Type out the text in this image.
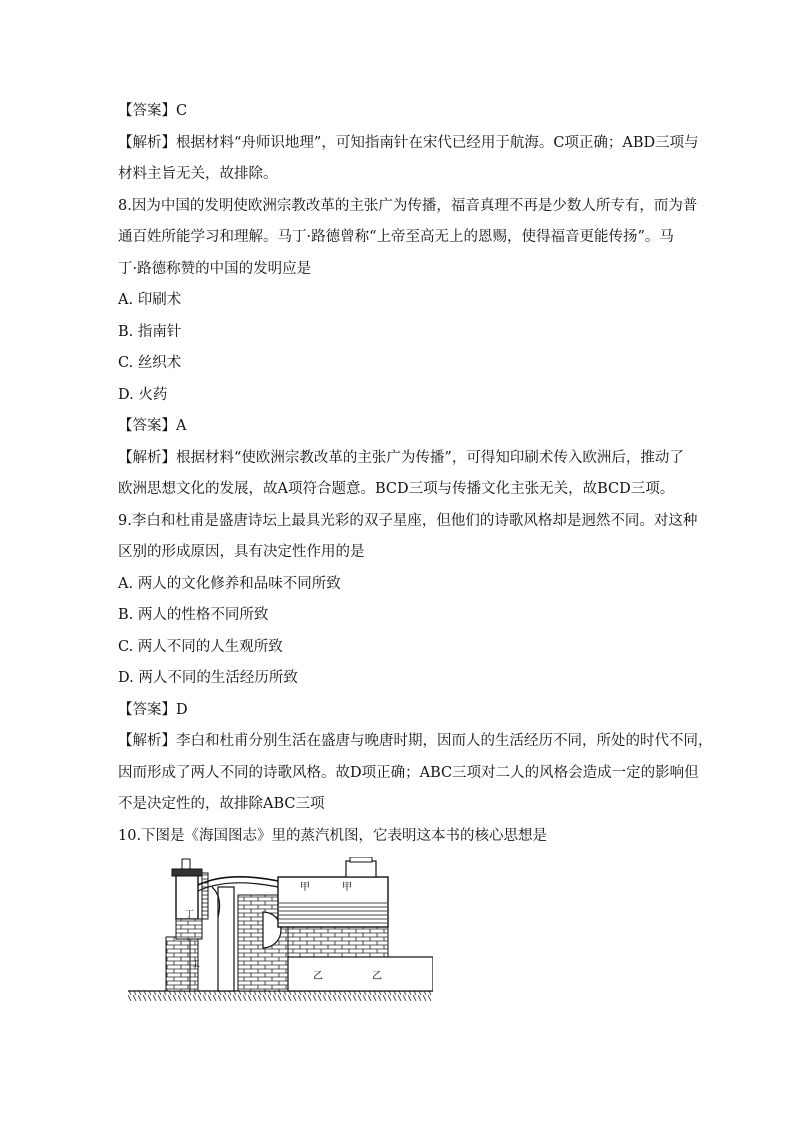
【答案】C
【解析】根据材料“舟师识地理”，可知指南针在宋代已经用于航海。C项正确；ABD三项与
材料主旨无关，故排除。
8.因为中国的发明使欧洲宗教改革的主张广为传播，福音真理不再是少数人所专有，而为普
通百姓所能学习和理解。马丁·路德曾称“上帝至高无上的恩赐，使得福音更能传扬”。马
丁·路德称赞的中国的发明应是
A. 印刷术
B. 指南针
C. 丝织术
D. 火药
【答案】A
【解析】根据材料“使欧洲宗教改革的主张广为传播”，可得知印刷术传入欧洲后，推动了
欧洲思想文化的发展，故A项符合题意。BCD三项与传播文化主张无关，故BCD三项。
9.李白和杜甫是盛唐诗坛上最具光彩的双子星座，但他们的诗歌风格却是迥然不同。对这种
区别的形成原因，具有决定性作用的是
A. 两人的文化修养和品味不同所致
B. 两人的性格不同所致
C. 两人不同的人生观所致
D. 两人不同的生活经历所致
【答案】D
【解析】李白和杜甫分别生活在盛唐与晚唐时期，因而人的生活经历不同，所处的时代不同，
因而形成了两人不同的诗歌风格。故D项正确；ABC三项对二人的风格会造成一定的影响但
不是决定性的，故排除ABC三项
10.下图是《海国图志》里的蒸汽机图，它表明这本书的核心思想是
甲	甲
乙	乙
丁
工
